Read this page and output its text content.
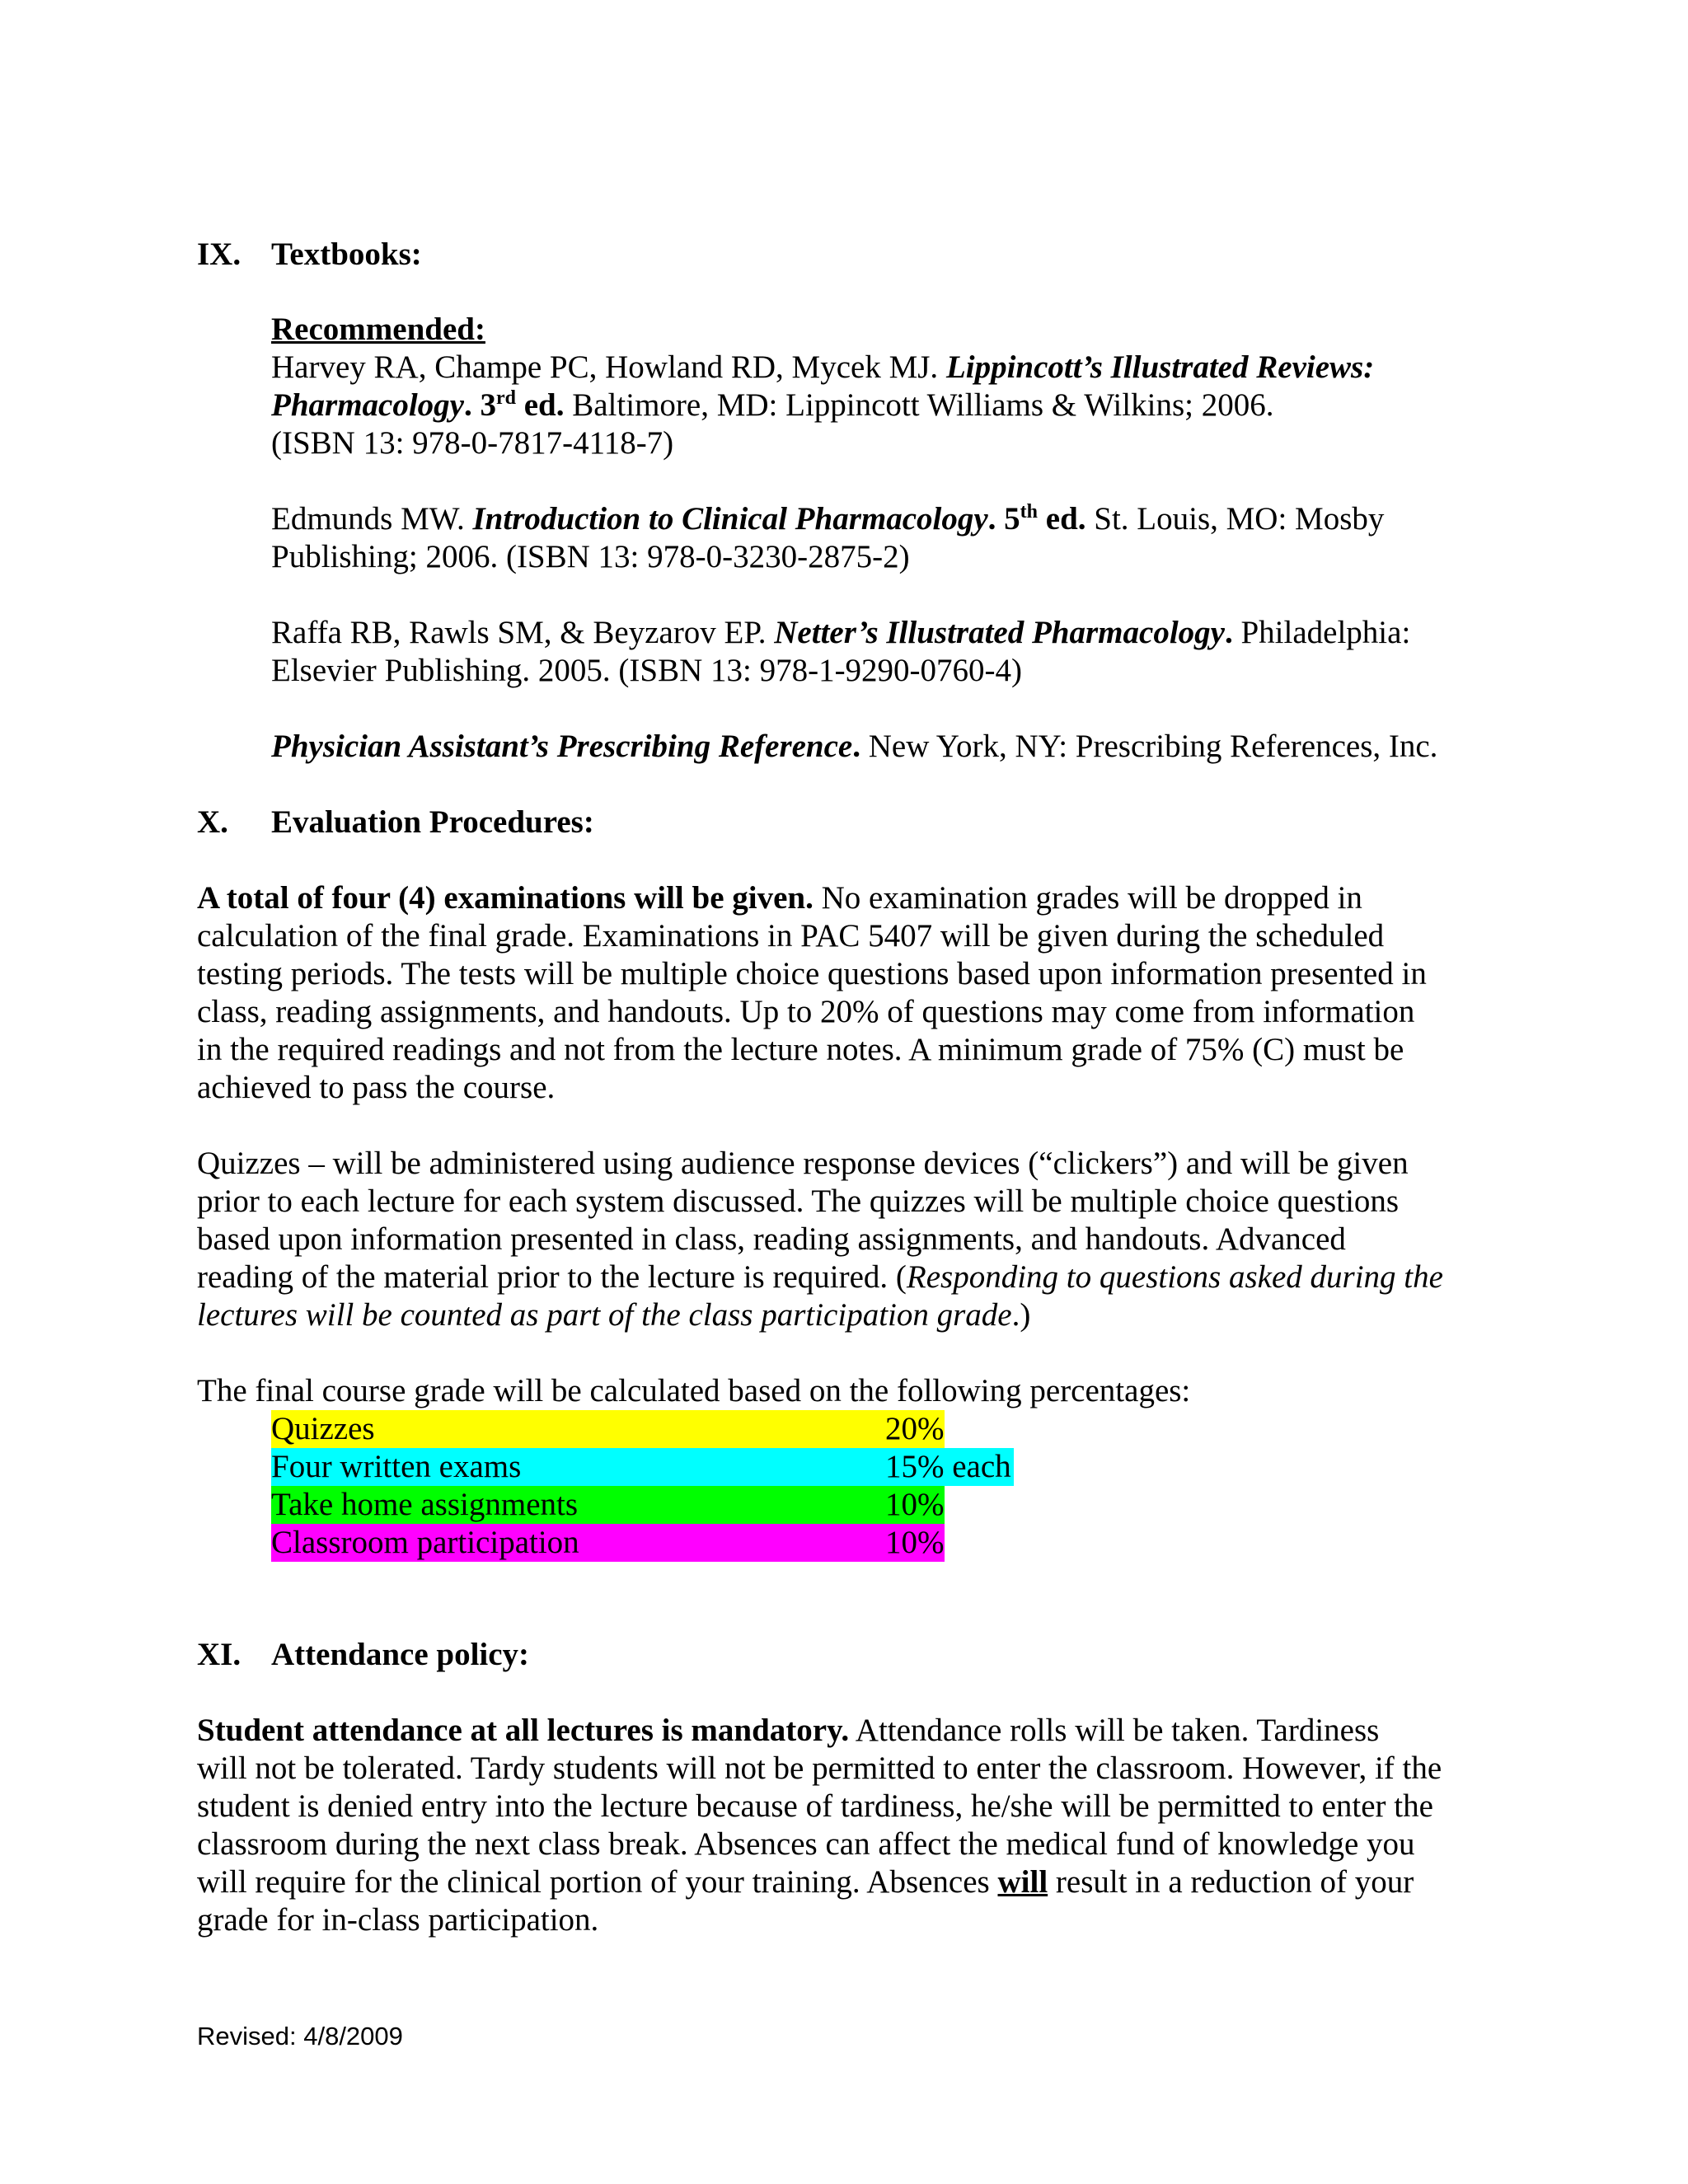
IX. Textbooks:
Recommended:
Harvey RA, Champe PC, Howland RD, Mycek MJ. Lippincott’s Illustrated Reviews:
Pharmacology. 3rd ed. Baltimore, MD: Lippincott Williams & Wilkins; 2006.
(ISBN 13: 978-0-7817-4118-7)
Edmunds MW. Introduction to Clinical Pharmacology. 5th ed. St. Louis, MO: Mosby
Publishing; 2006. (ISBN 13: 978-0-3230-2875-2)
Raffa RB, Rawls SM, & Beyzarov EP. Netter’s Illustrated Pharmacology. Philadelphia:
Elsevier Publishing. 2005. (ISBN 13: 978-1-9290-0760-4)
Physician Assistant’s Prescribing Reference. New York, NY: Prescribing References, Inc.
X. Evaluation Procedures:
A total of four (4) examinations will be given. No examination grades will be dropped in
calculation of the final grade. Examinations in PAC 5407 will be given during the scheduled
testing periods. The tests will be multiple choice questions based upon information presented in
class, reading assignments, and handouts. Up to 20% of questions may come from information
in the required readings and not from the lecture notes. A minimum grade of 75% (C) must be
achieved to pass the course.
Quizzes – will be administered using audience response devices (“clickers”) and will be given
prior to each lecture for each system discussed. The quizzes will be multiple choice questions
based upon information presented in class, reading assignments, and handouts. Advanced
reading of the material prior to the lecture is required. (Responding to questions asked during the
lectures will be counted as part of the class participation grade.)
The final course grade will be calculated based on the following percentages:
Quizzes	20%
Four written exams	15% each
Take home assignments	10%
Classroom participation	10%
XI. Attendance policy:
Student attendance at all lectures is mandatory. Attendance rolls will be taken. Tardiness
will not be tolerated. Tardy students will not be permitted to enter the classroom. However, if the
student is denied entry into the lecture because of tardiness, he/she will be permitted to enter the
classroom during the next class break. Absences can affect the medical fund of knowledge you
will require for the clinical portion of your training. Absences will result in a reduction of your
grade for in-class participation.
Revised: 4/8/2009
